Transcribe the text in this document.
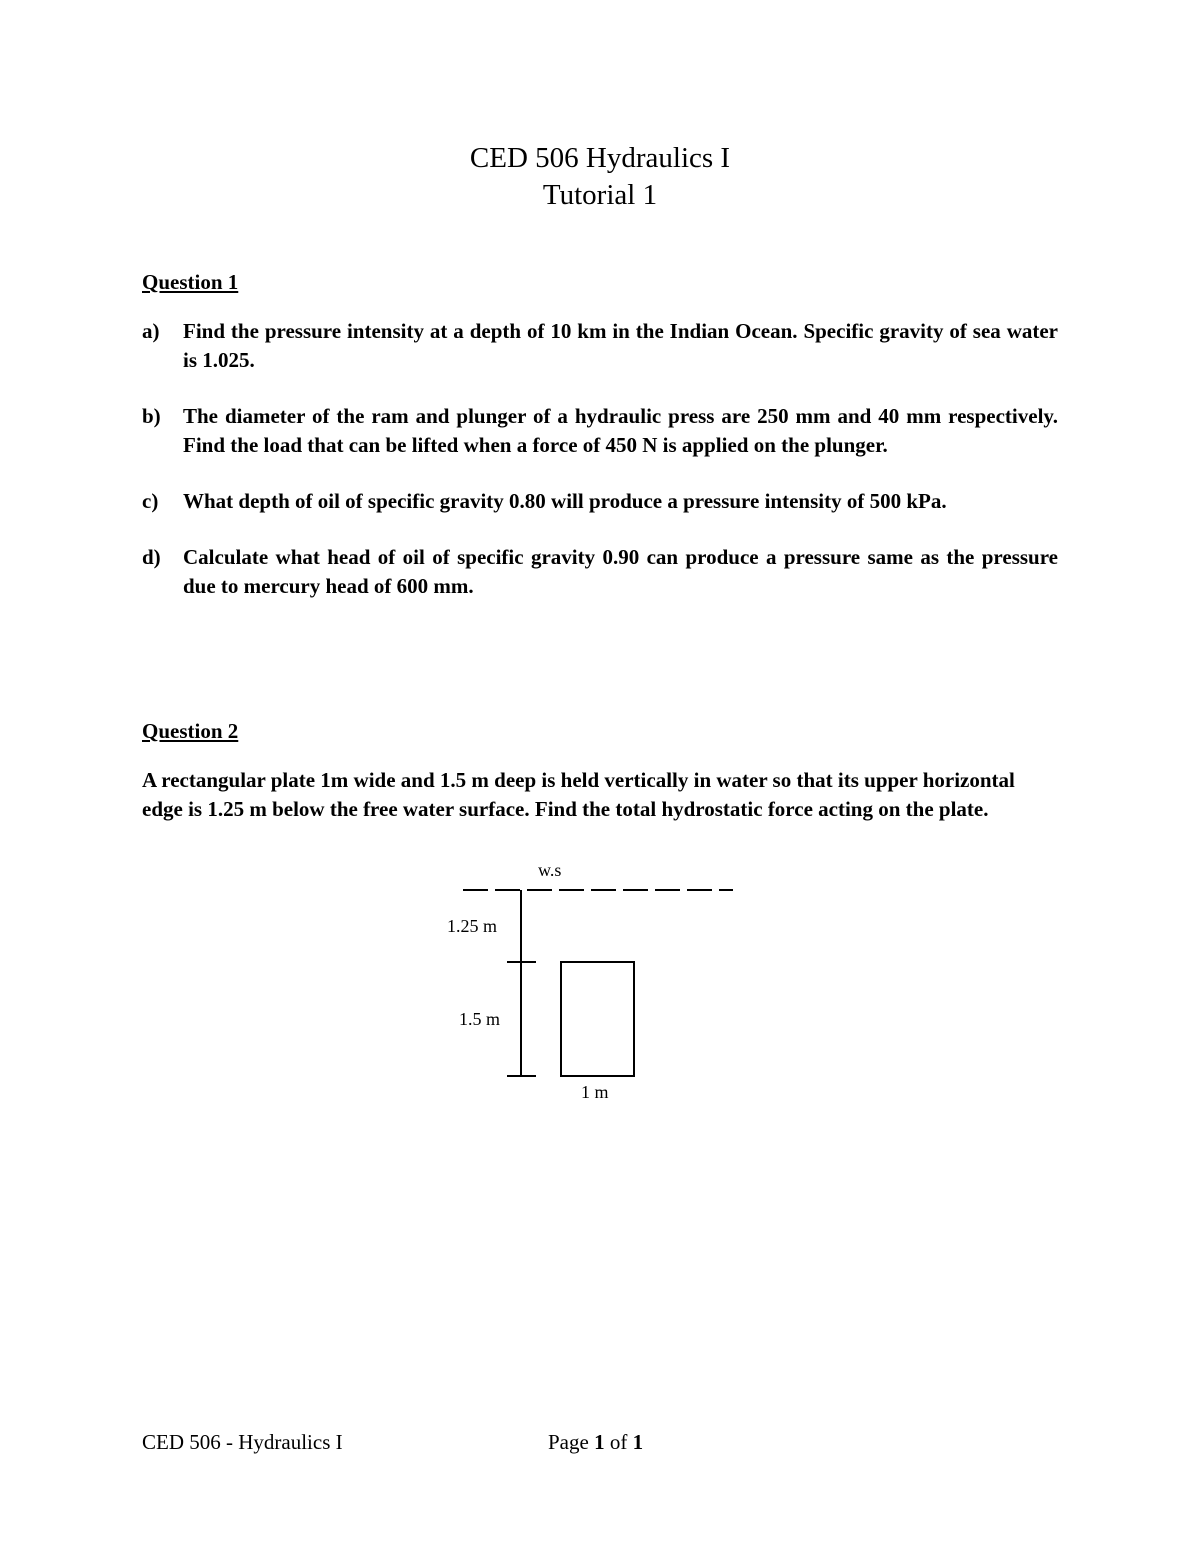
CED 506 Hydraulics I
Tutorial 1
Question 1
a) Find the pressure intensity at a depth of 10 km in the Indian Ocean. Specific gravity of sea water is 1.025.
b) The diameter of the ram and plunger of a hydraulic press are 250 mm and 40 mm respectively. Find the load that can be lifted when a force of 450 N is applied on the plunger.
c) What depth of oil of specific gravity 0.80 will produce a pressure intensity of 500 kPa.
d) Calculate what head of oil of specific gravity 0.90 can produce a pressure same as the pressure due to mercury head of 600 mm.
Question 2
A rectangular plate 1m wide and 1.5 m deep is held vertically in water so that its upper horizontal edge is 1.25 m below the free water surface. Find the total hydrostatic force acting on the plate.
w.s
1.25 m
1.5 m
1 m
CED 506 - Hydraulics I	Page 1 of 1
